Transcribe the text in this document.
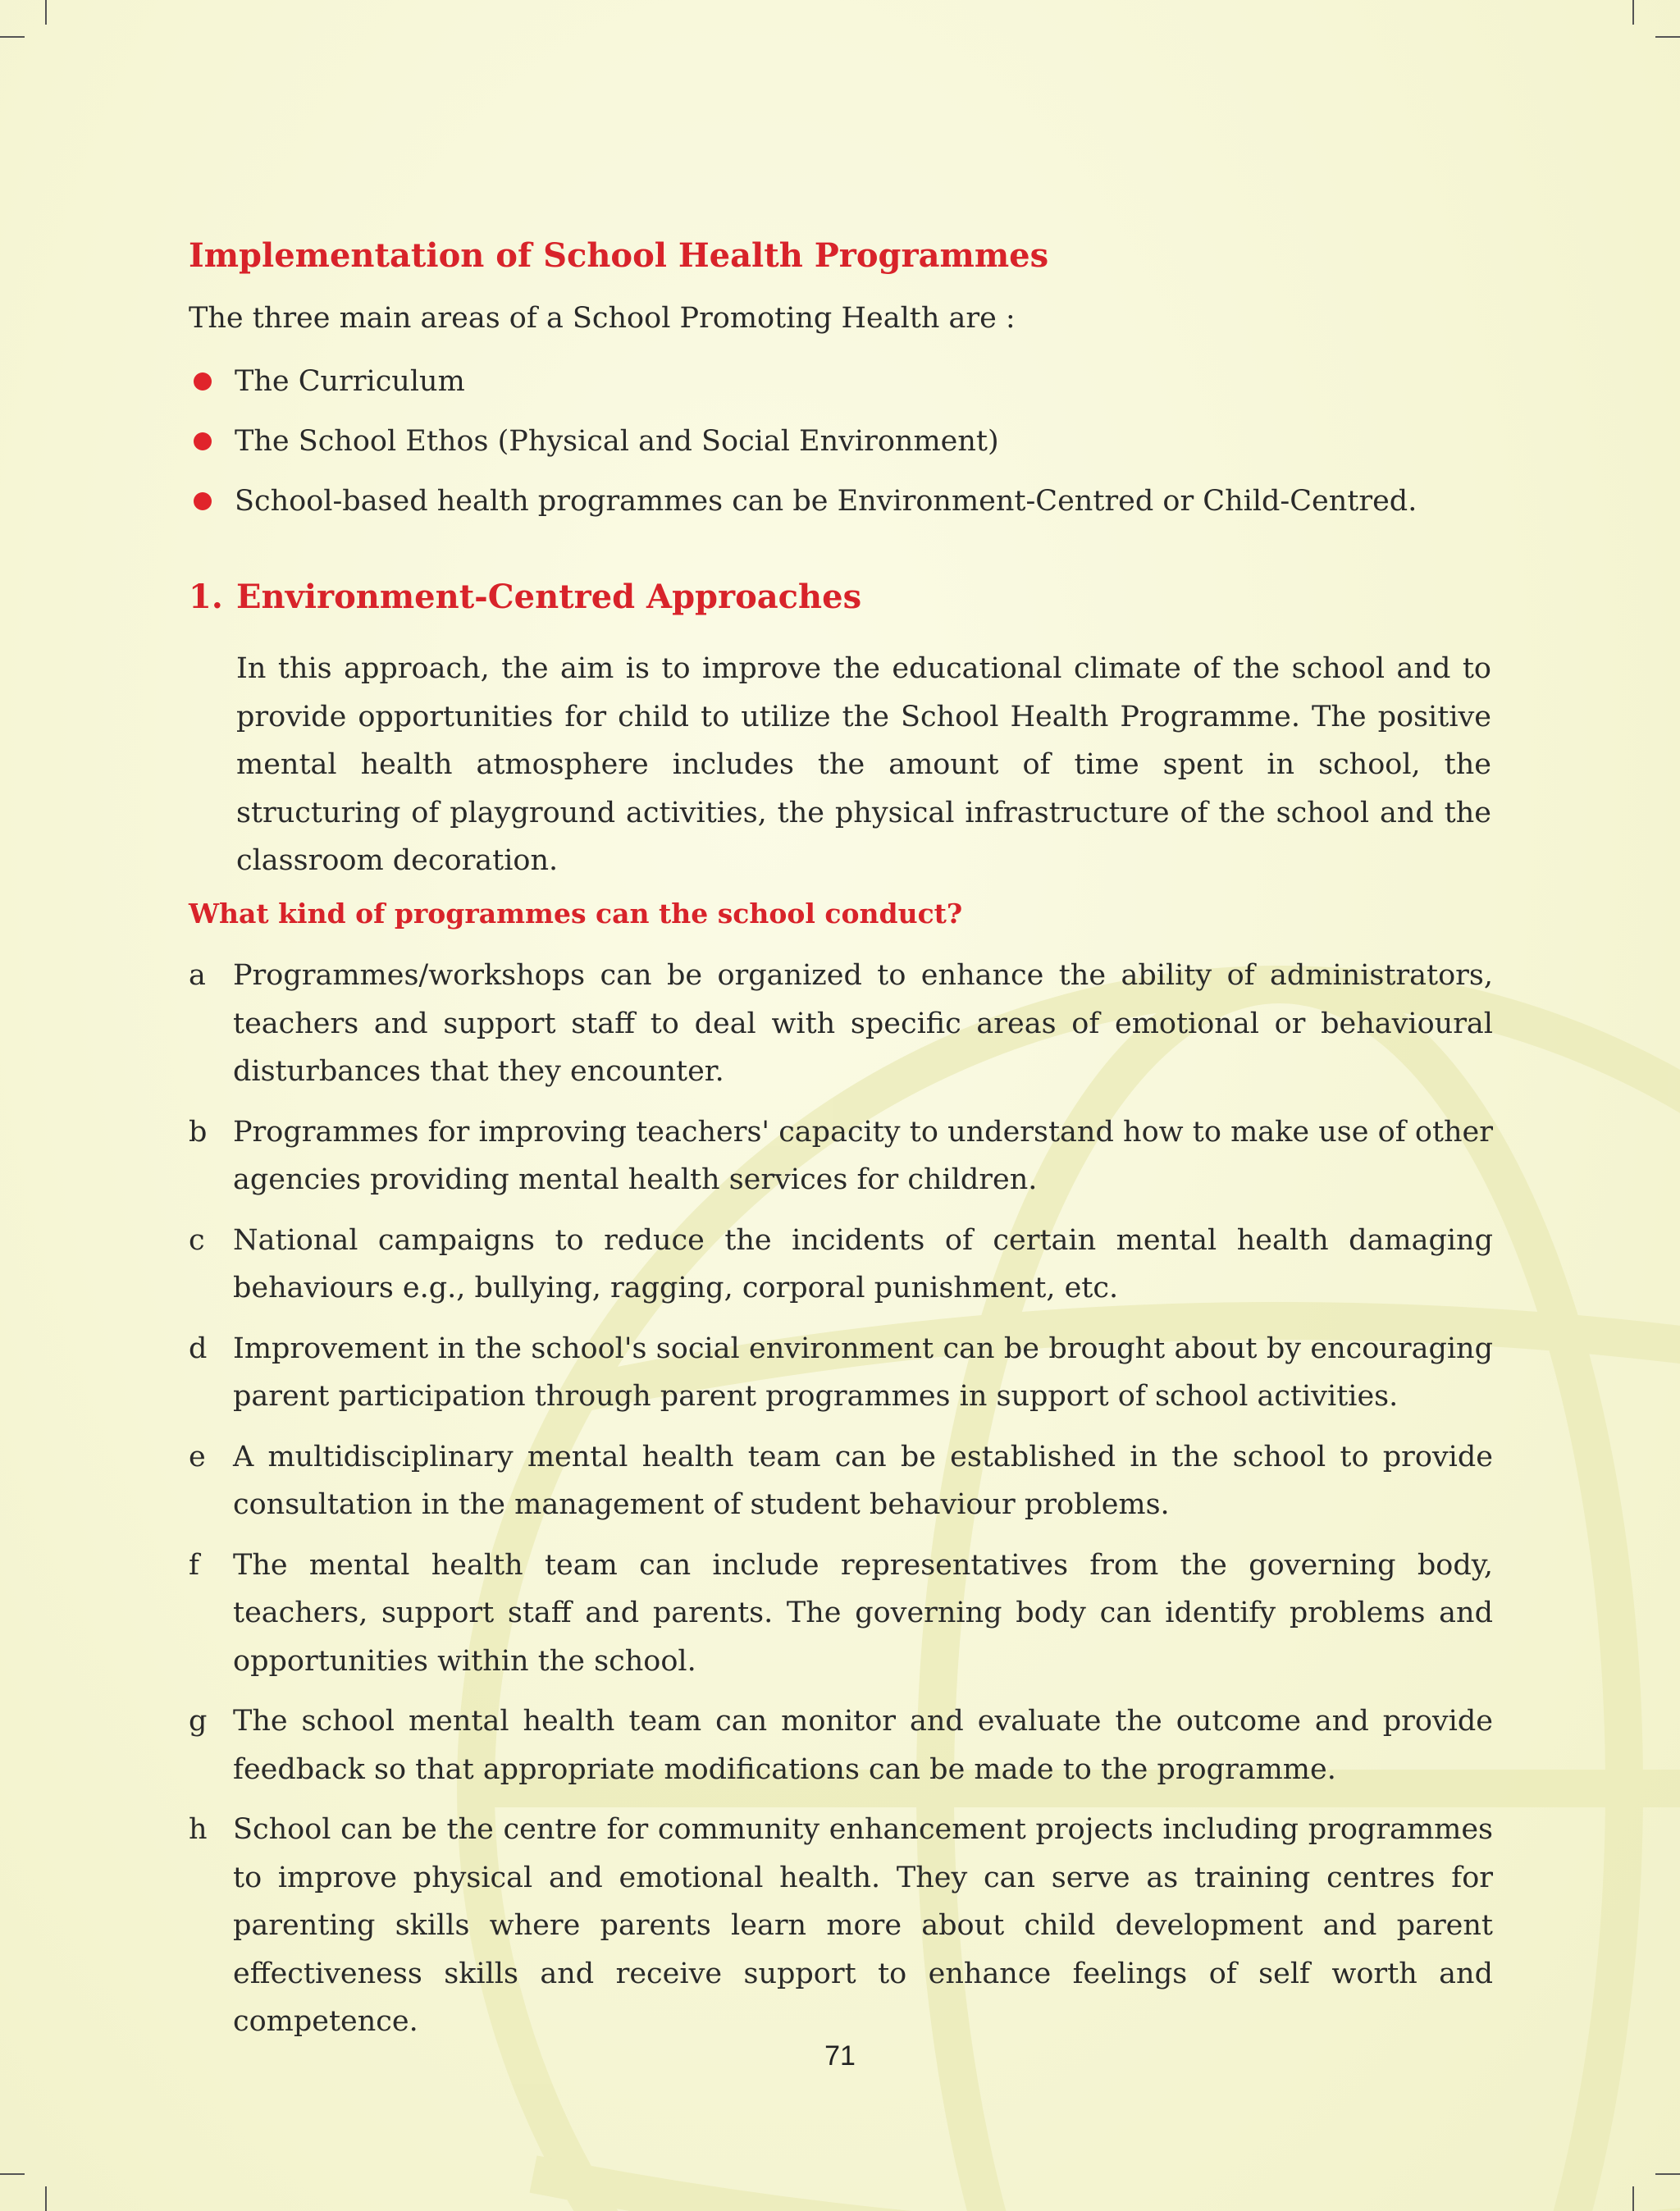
Implementation of School Health Programmes

The three main areas of a School Promoting Health are :

The Curriculum
The School Ethos (Physical and Social Environment)
School-based health programmes can be Environment-Centred or Child-Centred.
1. Environment-Centred Approaches

In this approach, the aim is to improve the educational climate of the school and to provide opportunities for child to utilize the School Health Programme. The positive mental health atmosphere includes the amount of time spent in school, the structuring of playground activities, the physical infrastructure of the school and the classroom decoration.

What kind of programmes can the school conduct?
a Programmes/workshops can be organized to enhance the ability of administrators, teachers and support staff to deal with specific areas of emotional or behavioural disturbances that they encounter.
b Programmes for improving teachers' capacity to understand how to make use of other agencies providing mental health services for children.
c National campaigns to reduce the incidents of certain mental health damaging behaviours e.g., bullying, ragging, corporal punishment, etc.
d Improvement in the school's social environment can be brought about by encouraging parent participation through parent programmes in support of school activities.
e A multidisciplinary mental health team can be established in the school to provide consultation in the management of student behaviour problems.
f The mental health team can include representatives from the governing body, teachers, support staff and parents. The governing body can identify problems and opportunities within the school.
g The school mental health team can monitor and evaluate the outcome and provide feedback so that appropriate modifications can be made to the programme.
h School can be the centre for community enhancement projects including programmes to improve physical and emotional health. They can serve as training centres for parenting skills where parents learn more about child development and parent effectiveness skills and receive support to enhance feelings of self worth and competence.
71
